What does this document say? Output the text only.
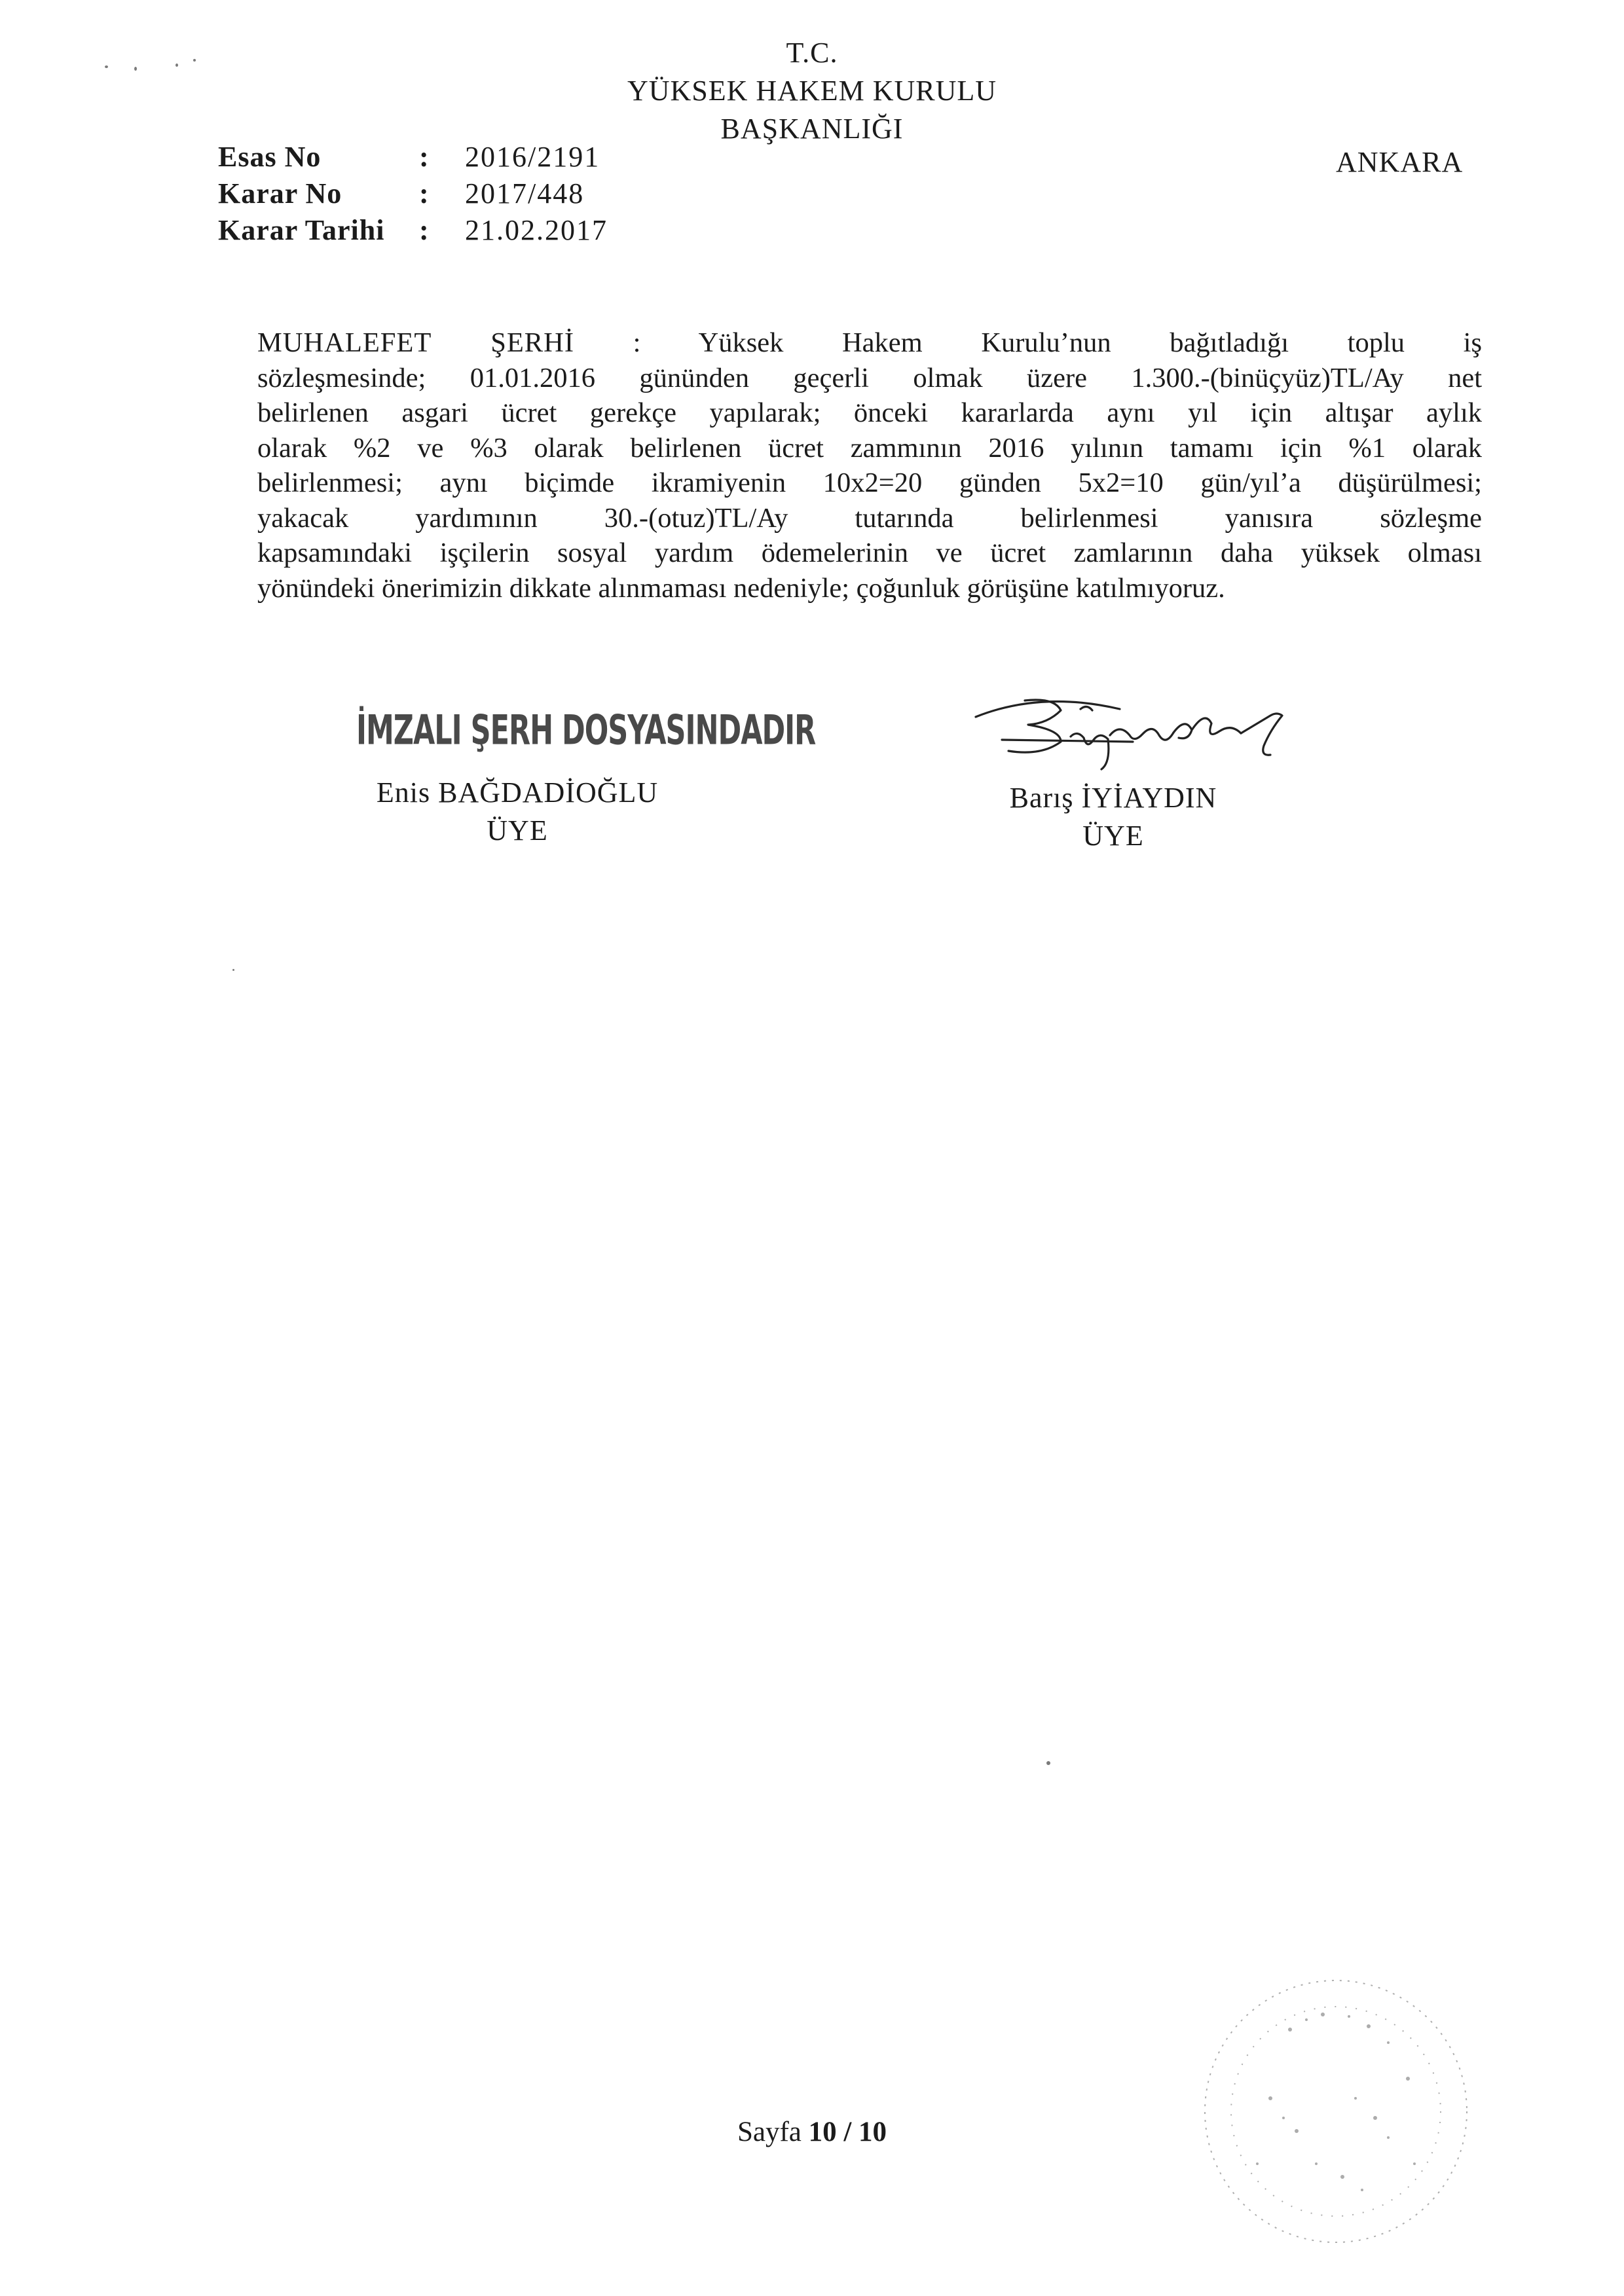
T.C.
YÜKSEK HAKEM KURULU
BAŞKANLIĞI
Esas No	:	2016/2191
Karar No	:	2017/448
Karar Tarihi	:	21.02.2017
ANKARA
MUHALEFET ŞERHİ : Yüksek Hakem Kurulu’nun bağıtladığı toplu iş
sözleşmesinde; 01.01.2016 gününden geçerli olmak üzere 1.300.-(binüçyüz)TL/Ay net
belirlenen asgari ücret gerekçe yapılarak; önceki kararlarda aynı yıl için altışar aylık
olarak %2 ve %3 olarak belirlenen ücret zammının 2016 yılının tamamı için %1 olarak
belirlenmesi; aynı biçimde ikramiyenin 10x2=20 günden 5x2=10 gün/yıl’a düşürülmesi;
yakacak yardımının 30.-(otuz)TL/Ay tutarında belirlenmesi yanısıra sözleşme
kapsamındaki işçilerin sosyal yardım ödemelerinin ve ücret zamlarının daha yüksek olması
yönündeki önerimizin dikkate alınmaması nedeniyle; çoğunluk görüşüne katılmıyoruz.
İMZALI ŞERH DOSYASINDADIR
Enis BAĞDADİOĞLU
ÜYE
Barış İYİAYDIN
ÜYE
Sayfa 10 / 10
